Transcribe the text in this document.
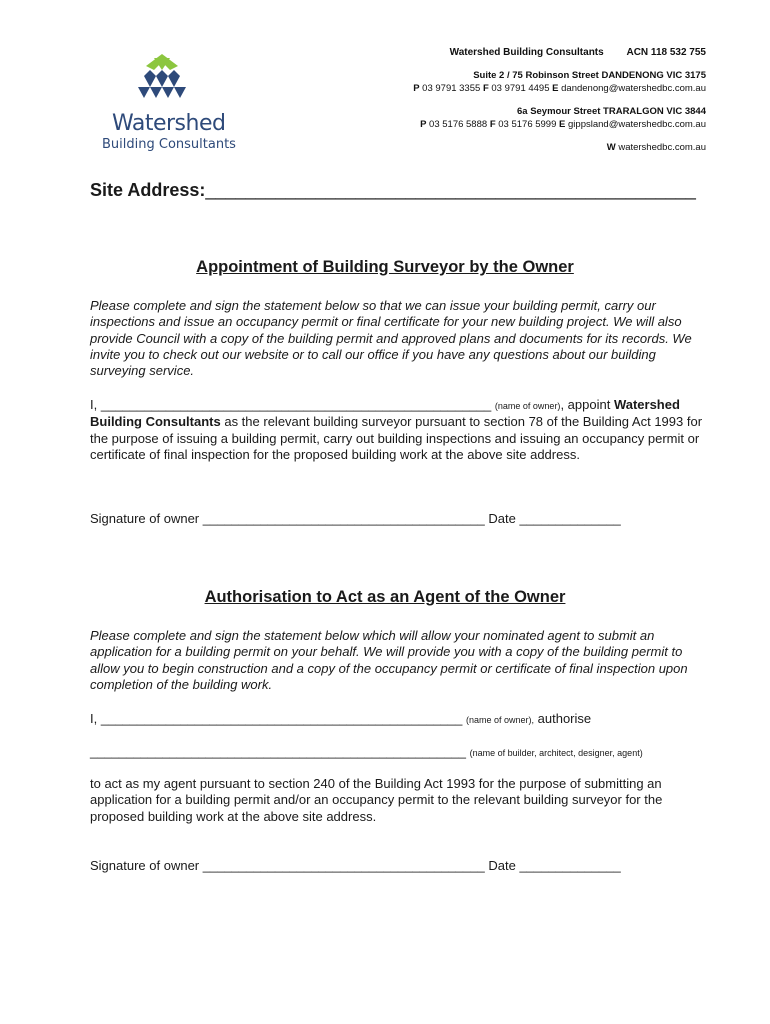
Watershed
Building Consultants
Watershed Building Consultants ACN 118 532 755
Suite 2 / 75 Robinson Street DANDENONG VIC 3175
P 03 9791 3355 F 03 9791 4495 E dandenong@watershedbc.com.au
6a Seymour Street TRARALGON VIC 3844
P 03 5176 5888 F 03 5176 5999 E gippsland@watershedbc.com.au
W watershedbc.com.au
Site Address:_________________________________________________
Appointment of Building Surveyor by the Owner
Please complete and sign the statement below so that we can issue your building permit, carry our inspections and issue an occupancy permit or final certificate for your new building project. We will also provide Council with a copy of the building permit and approved plans and documents for its records. We invite you to check out our website or to call our office if you have any questions about our building surveying service.
I, ______________________________________________________ (name of owner), appoint Watershed Building Consultants as the relevant building surveyor pursuant to section 78 of the Building Act 1993 for the purpose of issuing a building permit, carry out building inspections and issuing an occupancy permit or certificate of final inspection for the proposed building work at the above site address.
Signature of owner _______________________________________ Date ______________
Authorisation to Act as an Agent of the Owner
Please complete and sign the statement below which will allow your nominated agent to submit an application for a building permit on your behalf. We will provide you with a copy of the building permit to allow you to begin construction and a copy of the occupancy permit or certificate of final inspection upon completion of the building work.
I, __________________________________________________ (name of owner), authorise
____________________________________________________ (name of builder, architect, designer, agent)
to act as my agent pursuant to section 240 of the Building Act 1993 for the purpose of submitting an application for a building permit and/or an occupancy permit to the relevant building surveyor for the proposed building work at the above site address.
Signature of owner _______________________________________ Date ______________
